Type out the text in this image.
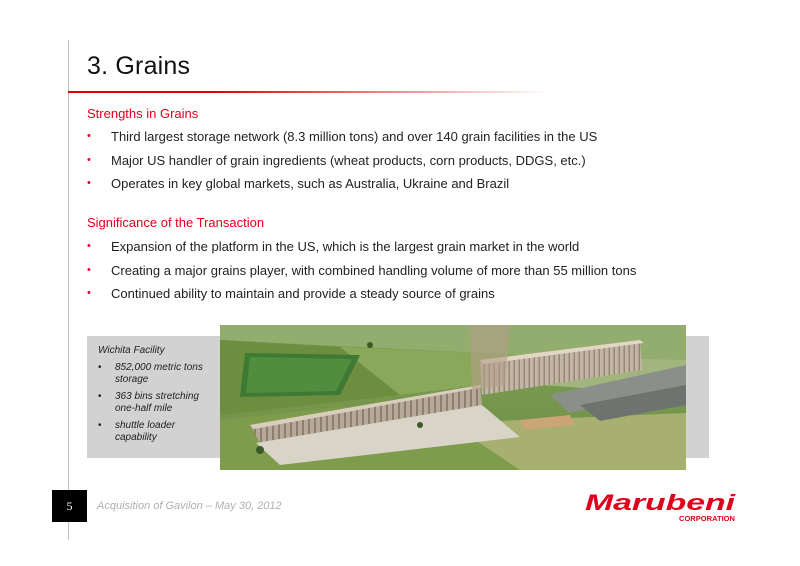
3. Grains
Strengths in Grains
• Third largest storage network (8.3 million tons) and over 140 grain facilities in the US
• Major US handler of grain ingredients (wheat products, corn products, DDGS, etc.)
• Operates in key global markets, such as Australia, Ukraine and Brazil
Significance of the Transaction
• Expansion of the platform in the US, which is the largest grain market in the world
• Creating a major grains player, with combined handling volume of more than 55 million tons
• Continued ability to maintain and provide a steady source of grains
Wichita Facility
• 852,000 metric tons storage
• 363 bins stretching one-half mile
• shuttle loader capability
5	Acquisition of Gavilon – May 30, 2012	Marubeni
CORPORATION
